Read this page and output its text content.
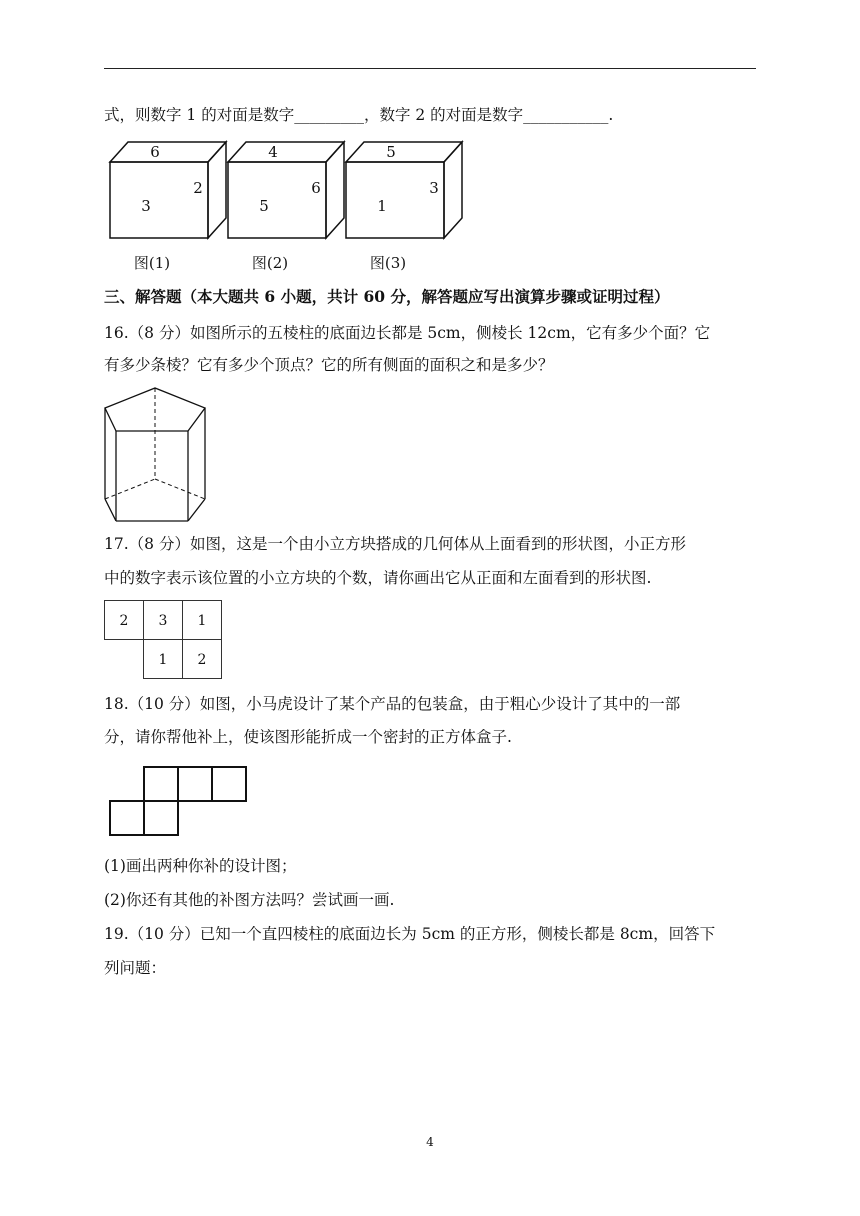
式，则数字 1 的对面是数字_________，数字 2 的对面是数字___________.
6
3
2
图(1)
4
5
6
图(2)
5
1
3
图(3)
三、解答题（本大题共 6 小题，共计 60 分，解答题应写出演算步骤或证明过程）
16.（8 分）如图所示的五棱柱的底面边长都是 5cm，侧棱长 12cm，它有多少个面？它
有多少条棱？它有多少个顶点？它的所有侧面的面积之和是多少？
17.（8 分）如图，这是一个由小立方块搭成的几何体从上面看到的形状图，小正方形
中的数字表示该位置的小立方块的个数，请你画出它从正面和左面看到的形状图.
2 3 1
1 2
18.（10 分）如图，小马虎设计了某个产品的包装盒，由于粗心少设计了其中的一部
分，请你帮他补上，使该图形能折成一个密封的正方体盒子.
(1)画出两种你补的设计图；
(2)你还有其他的补图方法吗？尝试画一画.
19.（10 分）已知一个直四棱柱的底面边长为 5cm 的正方形，侧棱长都是 8cm，回答下
列问题：
4
